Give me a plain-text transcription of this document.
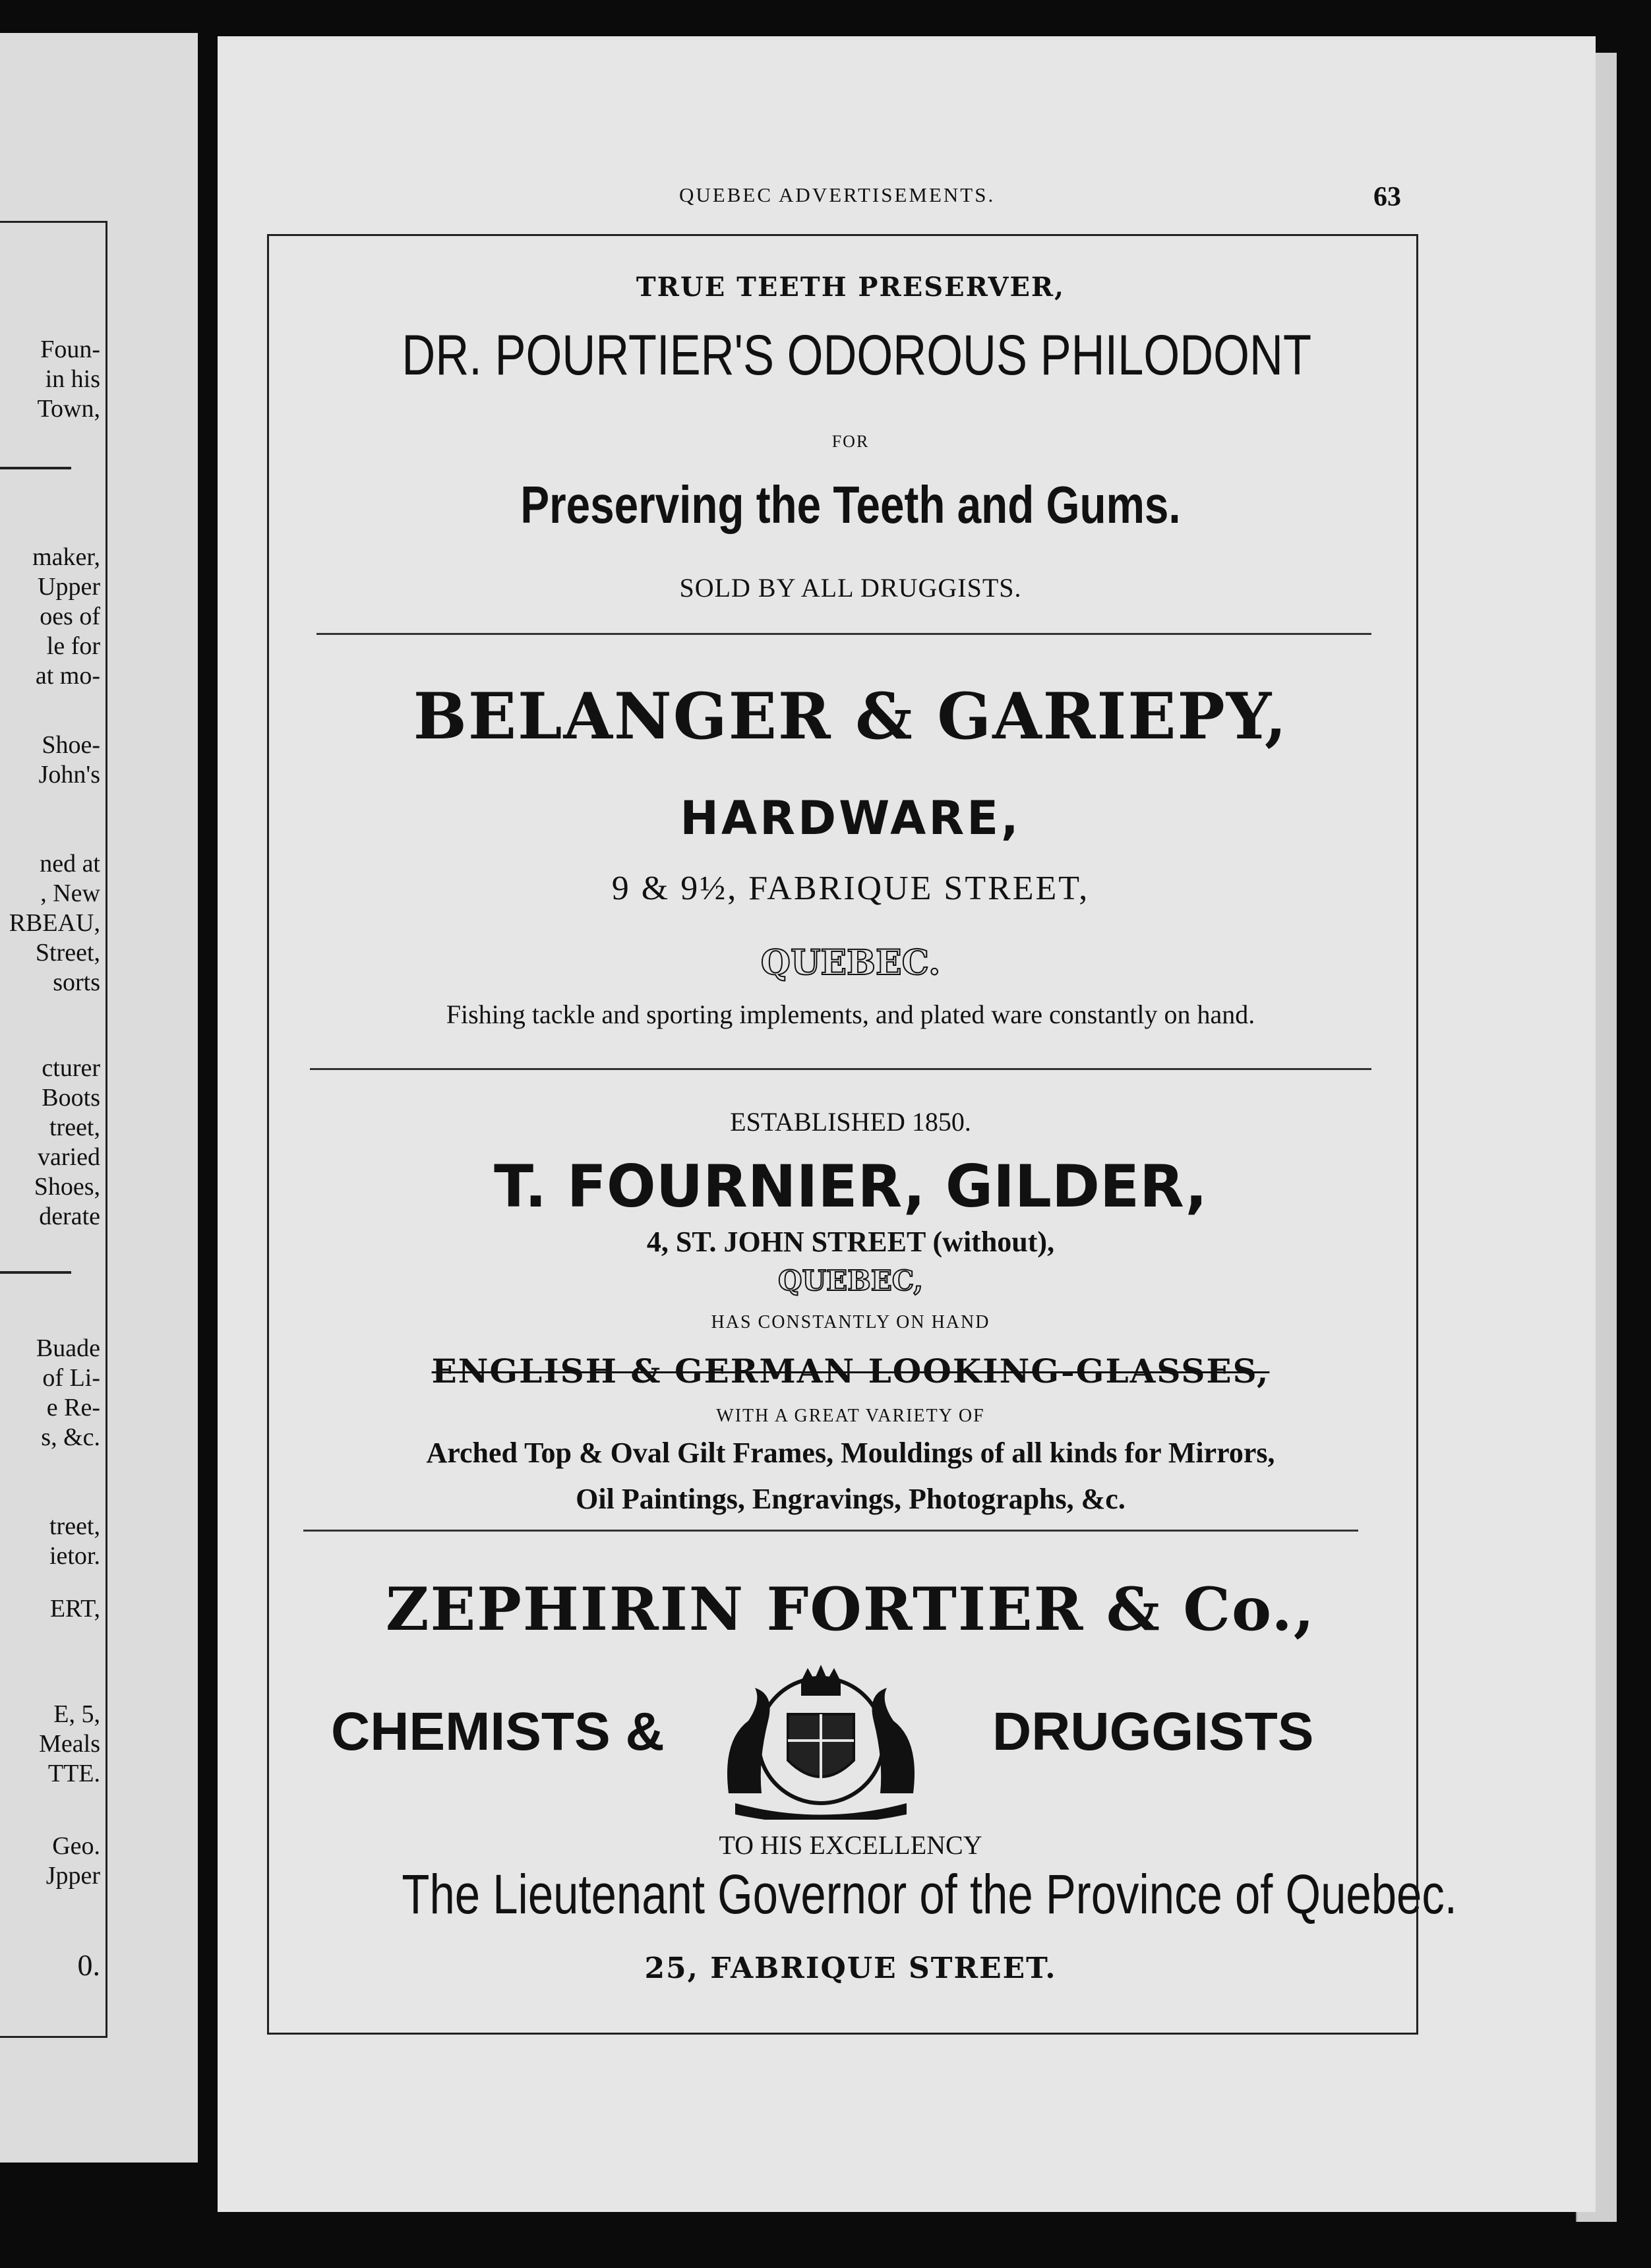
Foun-
in his
Town,
maker,
Upper
oes of
le for
at mo-
Shoe-
John's
ned at
, New
RBEAU,
Street,
sorts
cturer
Boots
treet,
varied
Shoes,
derate
Buade
of Li-
e Re-
s, &c.
treet,
ietor.
ERT,
E, 5,
Meals
TTE.
Geo.
Jpper
0.
QUEBEC ADVERTISEMENTS.	63
TRUE TEETH PRESERVER,
DR. POURTIER'S ODOROUS PHILODONT
FOR
Preserving the Teeth and Gums.
SOLD BY ALL DRUGGISTS.
BELANGER & GARIEPY,
HARDWARE,
9 & 9½, FABRIQUE STREET,
QUEBEC.
Fishing tackle and sporting implements, and plated ware constantly on hand.
ESTABLISHED 1850.
T. FOURNIER, GILDER,
4, ST. JOHN STREET (without),
QUEBEC,
HAS CONSTANTLY ON HAND
ENGLISH & GERMAN LOOKING-GLASSES,
WITH A GREAT VARIETY OF
Arched Top & Oval Gilt Frames, Mouldings of all kinds for Mirrors,
Oil Paintings, Engravings, Photographs, &c.
ZEPHIRIN FORTIER & Co.,
CHEMISTS &	DRUGGISTS
TO HIS EXCELLENCY
The Lieutenant Governor of the Province of Quebec.
25, FABRIQUE STREET.
